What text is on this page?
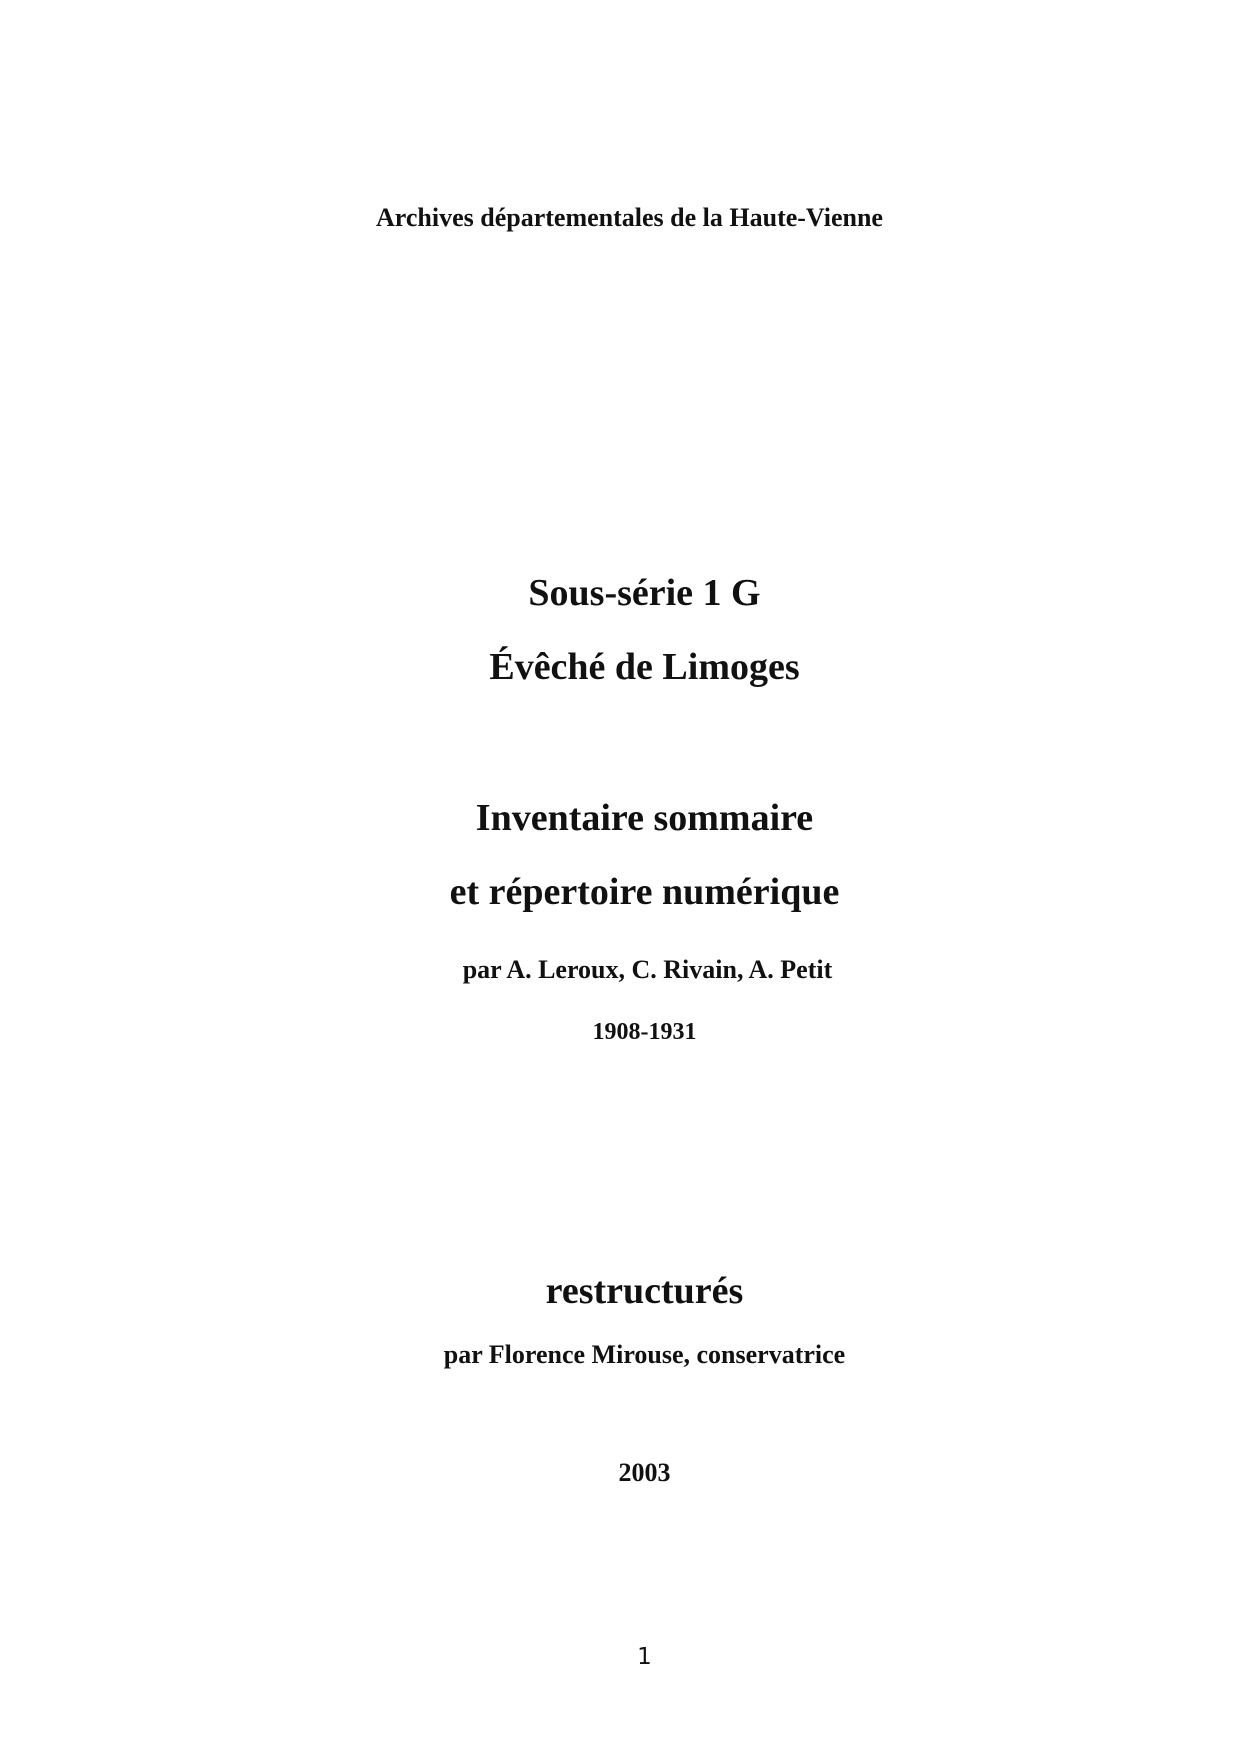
Archives départementales de la Haute-Vienne
Sous-série 1 G
Évêché de Limoges
Inventaire sommaire
et répertoire numérique
par A. Leroux, C. Rivain, A. Petit
1908-1931
restructurés
par Florence Mirouse, conservatrice
2003
1
